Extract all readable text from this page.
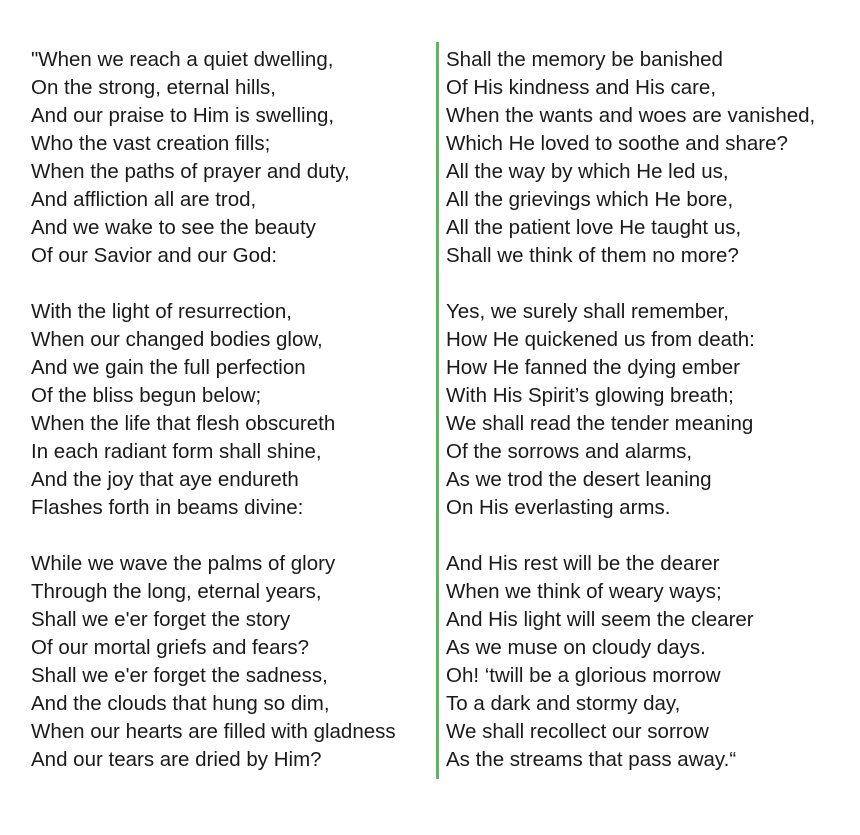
"When we reach a quiet dwelling,
On the strong, eternal hills,
And our praise to Him is swelling,
Who the vast creation fills;
When the paths of prayer and duty,
And affliction all are trod,
And we wake to see the beauty
Of our Savior and our God:
With the light of resurrection,
When our changed bodies glow,
And we gain the full perfection
Of the bliss begun below;
When the life that flesh obscureth
In each radiant form shall shine,
And the joy that aye endureth
Flashes forth in beams divine:
While we wave the palms of glory
Through the long, eternal years,
Shall we e'er forget the story
Of our mortal griefs and fears?
Shall we e'er forget the sadness,
And the clouds that hung so dim,
When our hearts are filled with gladness
And our tears are dried by Him?
Shall the memory be banished
Of His kindness and His care,
When the wants and woes are vanished,
Which He loved to soothe and share?
All the way by which He led us,
All the grievings which He bore,
All the patient love He taught us,
Shall we think of them no more?
Yes, we surely shall remember,
How He quickened us from death:
How He fanned the dying ember
With His Spirit’s glowing breath;
We shall read the tender meaning
Of the sorrows and alarms,
As we trod the desert leaning
On His everlasting arms.
And His rest will be the dearer
When we think of weary ways;
And His light will seem the clearer
As we muse on cloudy days.
Oh! ‘twill be a glorious morrow
To a dark and stormy day,
We shall recollect our sorrow
As the streams that pass away.“
